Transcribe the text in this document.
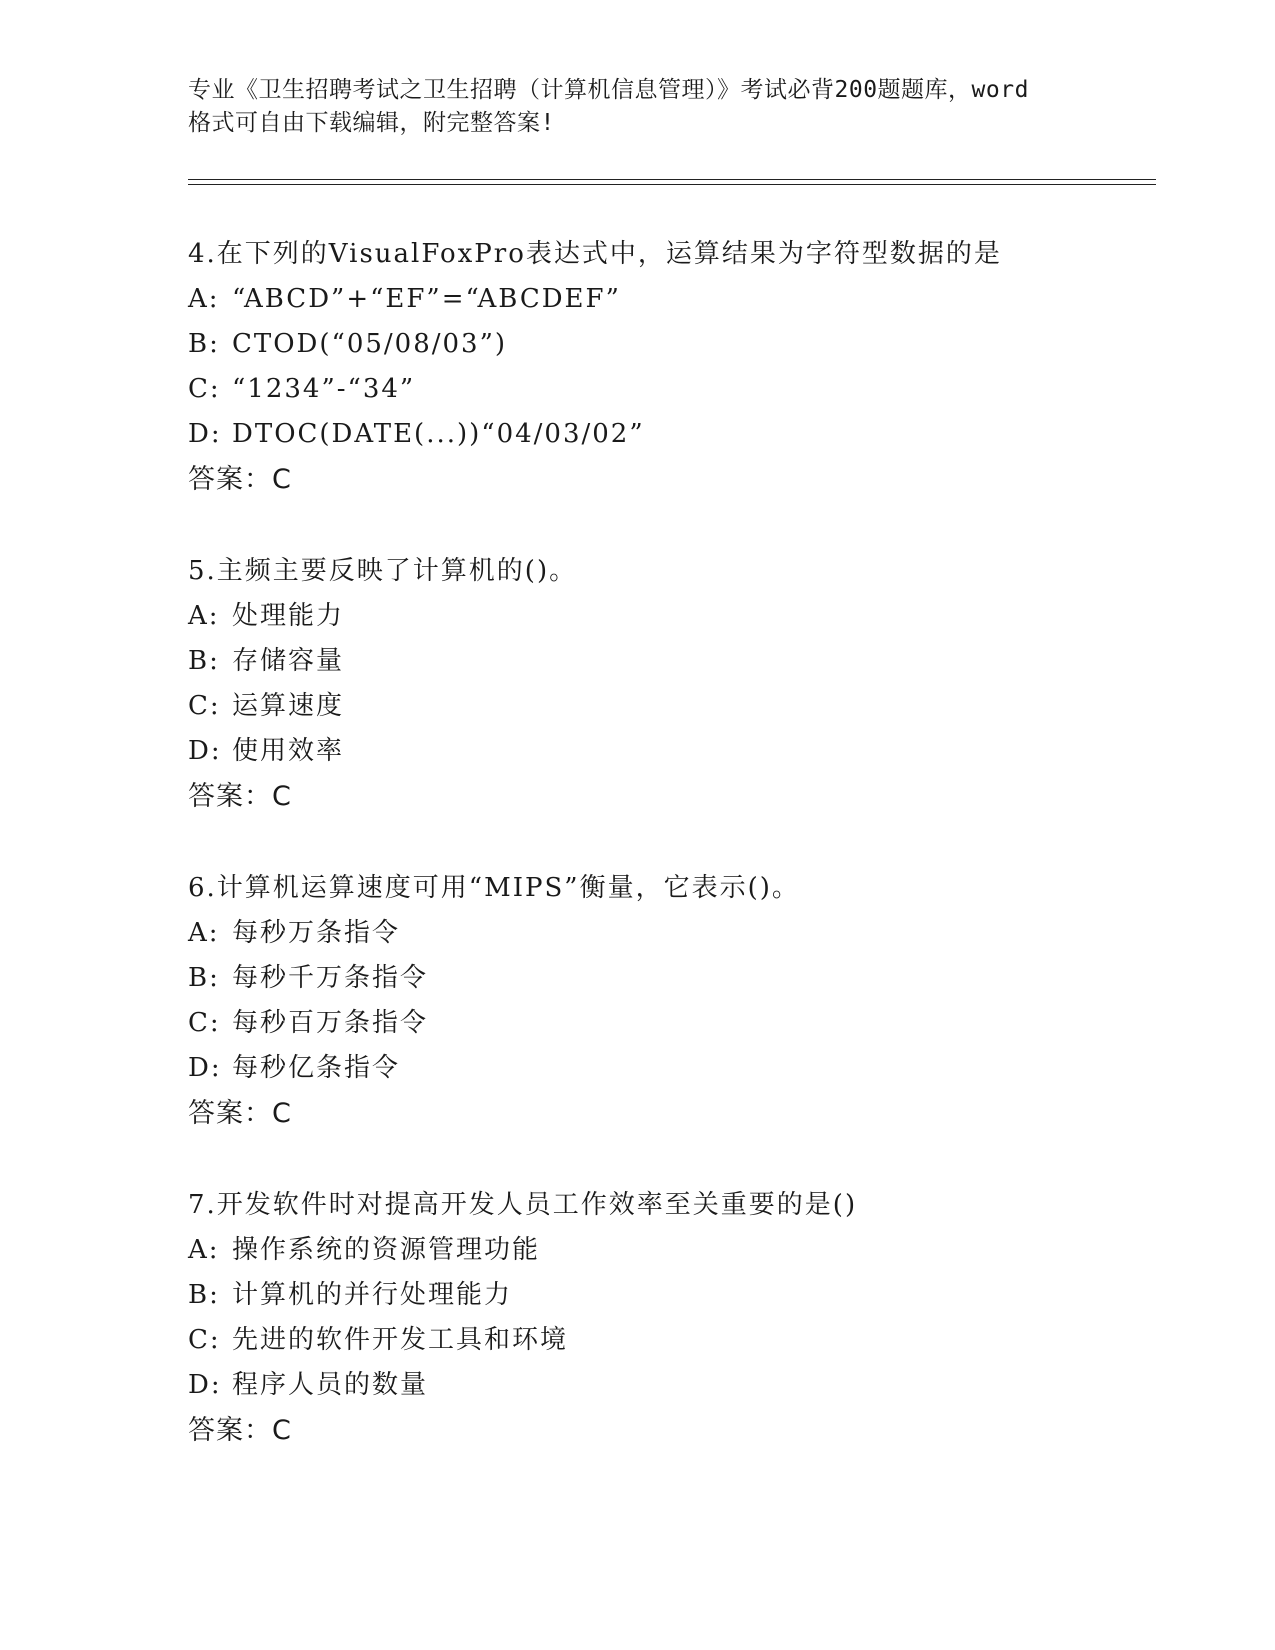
专业《卫生招聘考试之卫生招聘（计算机信息管理）》考试必背200题题库，word
格式可自由下载编辑，附完整答案!
4.在下列的VisualFoxPro表达式中，运算结果为字符型数据的是
A: “ABCD”+“EF”=“ABCDEF”
B: CTOD(“05/08/03”)
C: “1234”-“34”
D: DTOC(DATE(...))“04/03/02”
答案：C
5.主频主要反映了计算机的()。
A: 处理能力
B: 存储容量
C: 运算速度
D: 使用效率
答案：C
6.计算机运算速度可用“MIPS”衡量，它表示()。
A: 每秒万条指令
B: 每秒千万条指令
C: 每秒百万条指令
D: 每秒亿条指令
答案：C
7.开发软件时对提高开发人员工作效率至关重要的是()
A: 操作系统的资源管理功能
B: 计算机的并行处理能力
C: 先进的软件开发工具和环境
D: 程序人员的数量
答案：C
